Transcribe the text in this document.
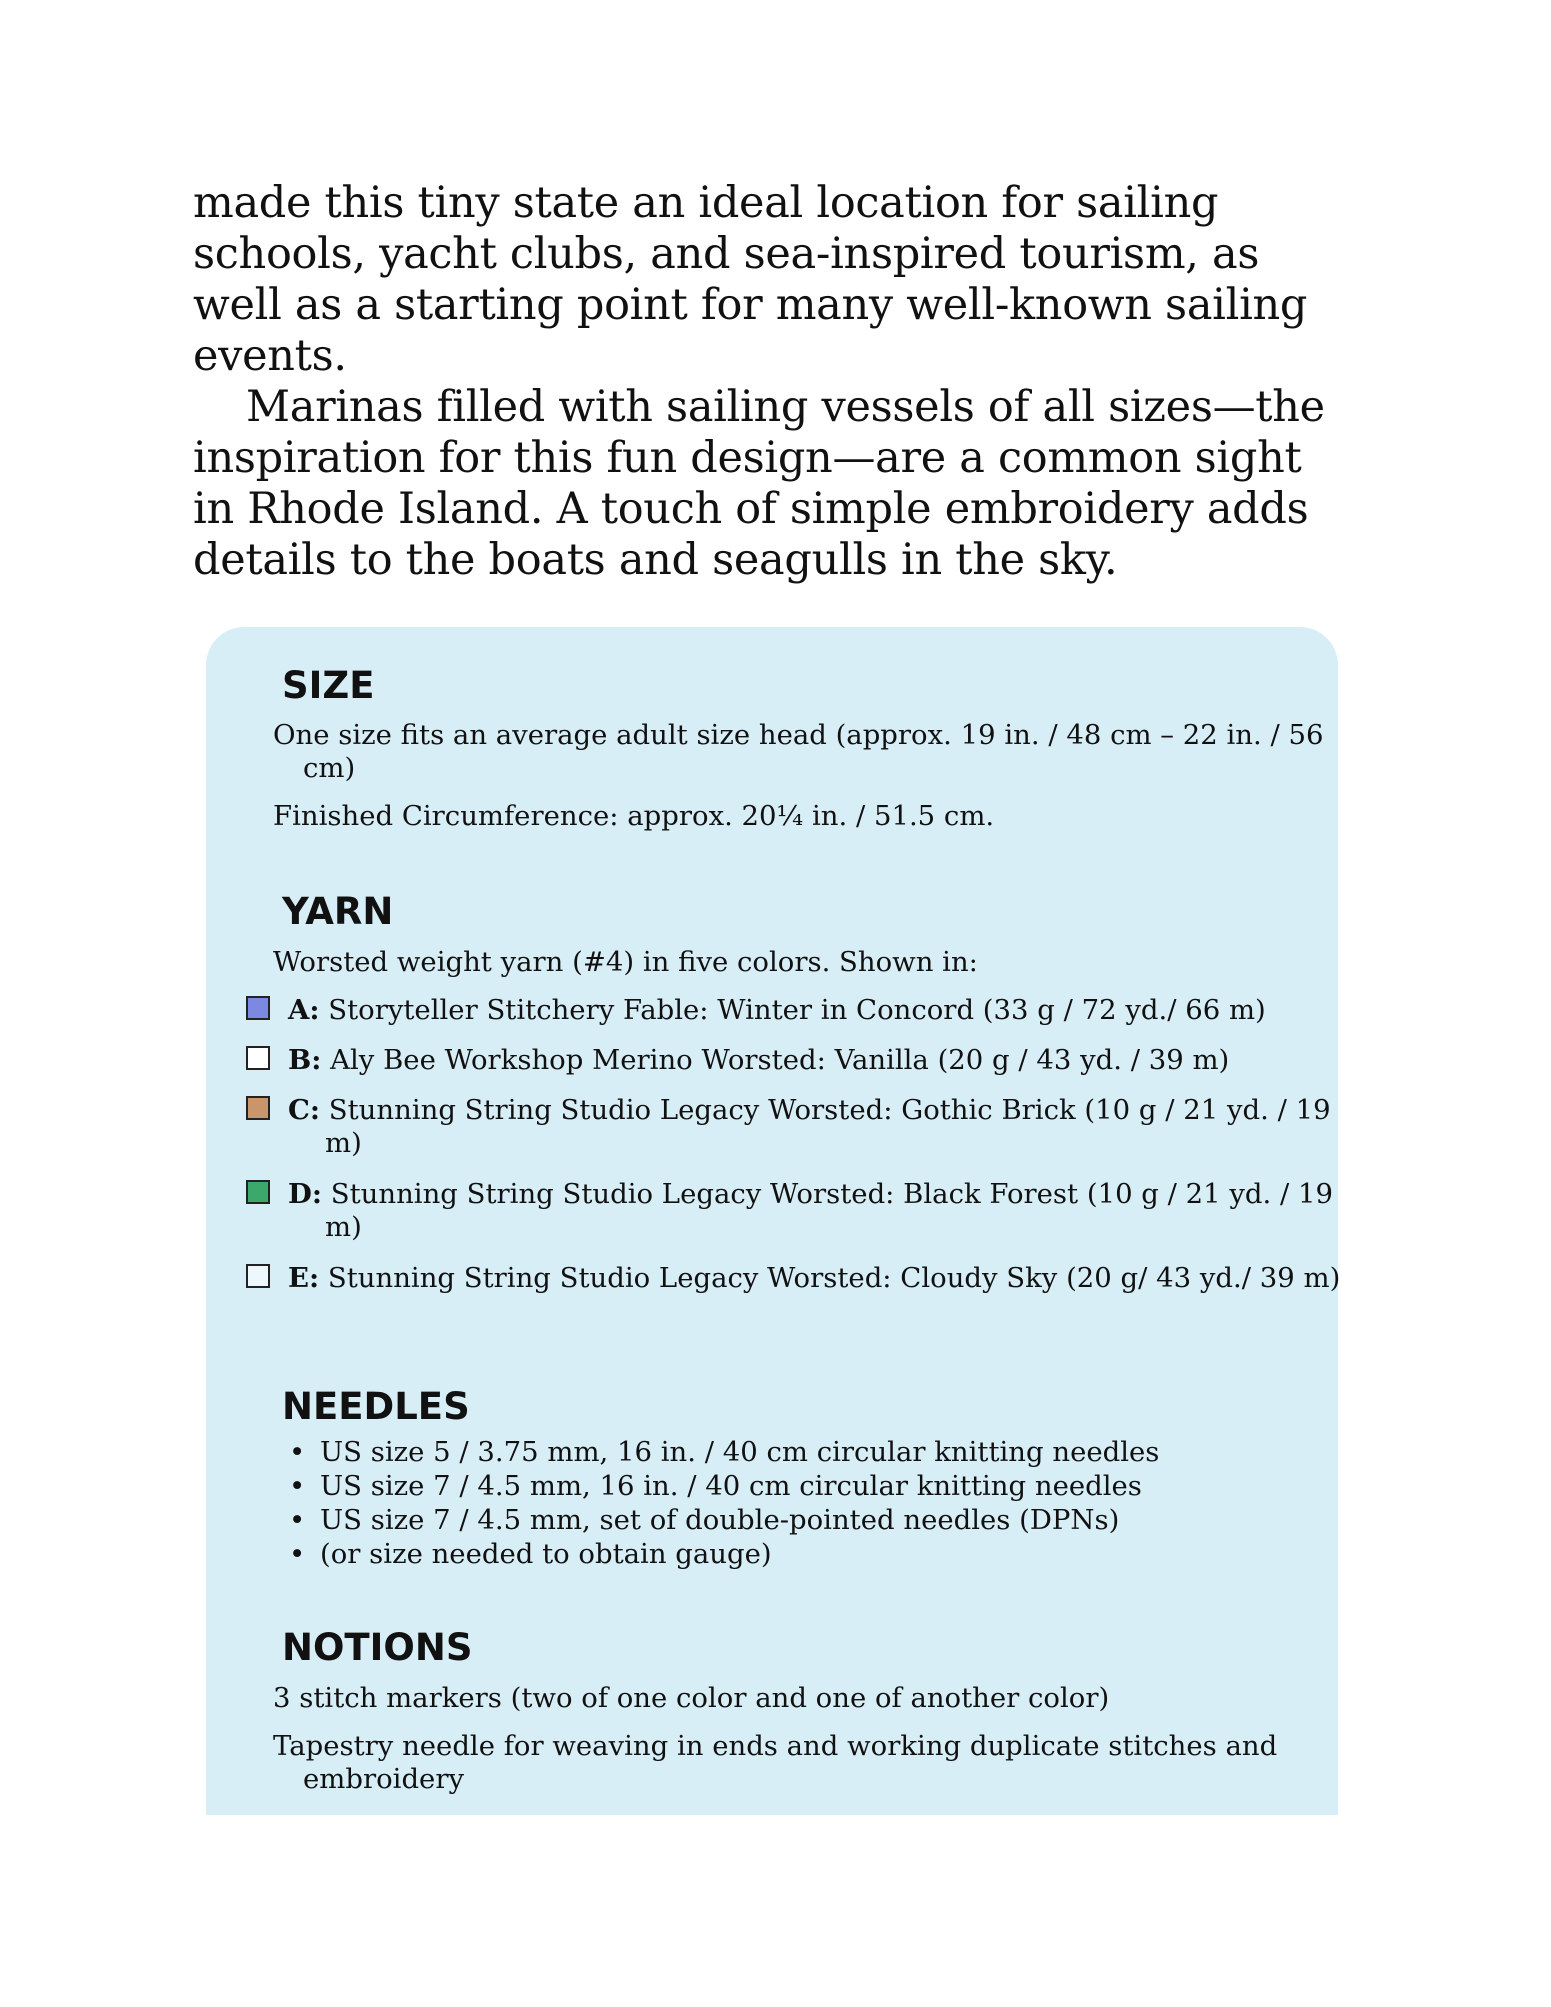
made this tiny state an ideal location for sailing schools, yacht clubs, and sea-inspired tourism, as well as a starting point for many well-known sailing events.

Marinas filled with sailing vessels of all sizes—the inspiration for this fun design—are a common sight in Rhode Island. A touch of simple embroidery adds details to the boats and seagulls in the sky.

SIZE

One size fits an average adult size head (approx. 19 in. / 48 cm – 22 in. / 56 cm)

Finished Circumference: approx. 20¼ in. / 51.5 cm.

YARN

Worsted weight yarn (#4) in five colors. Shown in:

A: Storyteller Stitchery Fable: Winter in Concord (33 g / 72 yd./ 66 m)

B: Aly Bee Workshop Merino Worsted: Vanilla (20 g / 43 yd. / 39 m)

C: Stunning String Studio Legacy Worsted: Gothic Brick (10 g / 21 yd. / 19 m)

D: Stunning String Studio Legacy Worsted: Black Forest (10 g / 21 yd. / 19 m)

E: Stunning String Studio Legacy Worsted: Cloudy Sky (20 g/ 43 yd./ 39 m)

NEEDLES
• US size 5 / 3.75 mm, 16 in. / 40 cm circular knitting needles
• US size 7 / 4.5 mm, 16 in. / 40 cm circular knitting needles
• US size 7 / 4.5 mm, set of double-pointed needles (DPNs)
• (or size needed to obtain gauge)
NOTIONS

3 stitch markers (two of one color and one of another color)

Tapestry needle for weaving in ends and working duplicate stitches and embroidery
